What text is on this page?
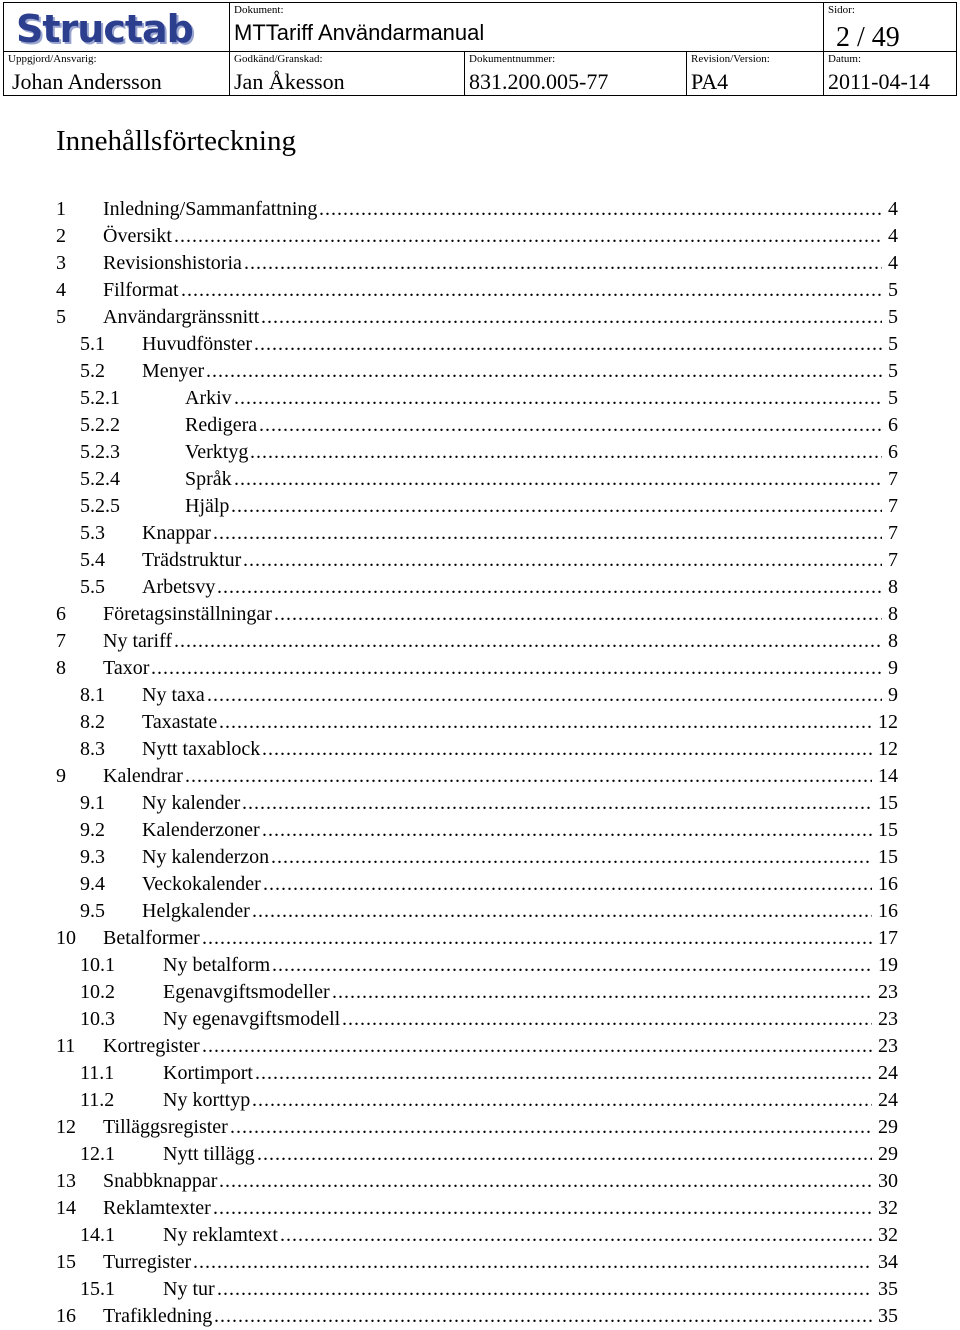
Structab	Dokument:
MTTariff Användarmanual
Sidor:
2 / 49
Uppgjord/Ansvarig:
Johan Andersson
Godkänd/Granskad:
Jan Åkesson
Dokumentnummer:
831.200.005-77
Revision/Version:
PA4
Datum:
2011-04-14
Innehållsförteckning
1 Inledning/Sammanfattning	4
.....
2 Översikt	4
.....
3 Revisionshistoria	4
.....
4 Filformat	5
.....
5 Användargränssnitt	5
.....
5.1 Huvudfönster	5
.....
5.2 Menyer	5
.....
5.2.1	Arkiv	5
.....
5.2.2	Redigera	6
.....
5.2.3	Verktyg	6
.....
5.2.4	Språk	7
.....
5.2.5	Hjälp	7
.....
5.3 Knappar	7
.....
5.4 Trädstruktur	7
.....
5.5 Arbetsvy	8
.....
6 Företagsinställningar	8
.....
7 Ny tariff	8
.....
8 Taxor	9
.....
8.1 Ny taxa	9
.....
8.2 Taxastate	12
.....
8.3 Nytt taxablock	12
.....
9 Kalendrar	14
.....
9.1 Ny kalender	15
.....
9.2 Kalenderzoner	15
.....
9.3 Ny kalenderzon	15
.....
9.4 Veckokalender	16
.....
9.5 Helgkalender	16
.....
10 Betalformer	17
.....
10.1 Ny betalform	19
.....
10.2 Egenavgiftsmodeller	23
.....
10.3 Ny egenavgiftsmodell	23
.....
11 Kortregister	23
.....
11.1 Kortimport	24
.....
11.2 Ny korttyp	24
.....
12 Tilläggsregister	29
.....
12.1 Nytt tillägg	29
.....
13 Snabbknappar	30
.....
14 Reklamtexter	32
.....
14.1 Ny reklamtext	32
.....
15 Turregister	34
.....
15.1 Ny tur	35
.....
16 Trafikledning	35
.....
